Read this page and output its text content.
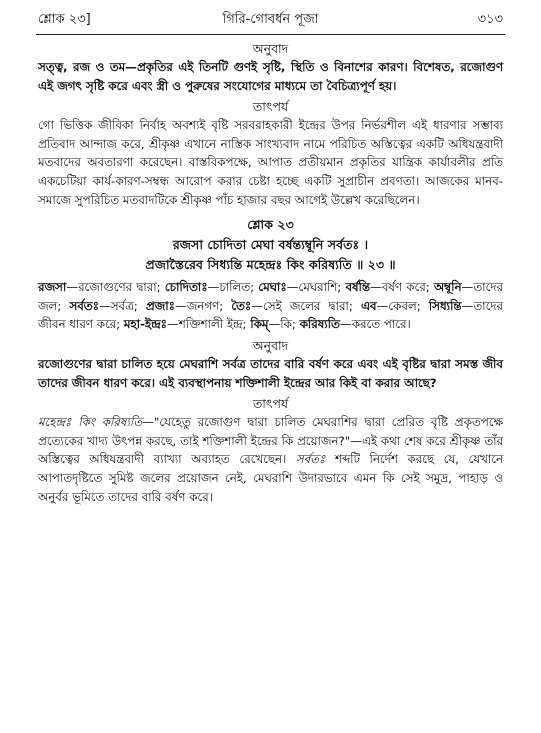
শ্লোক ২৩]	গিরি-গোবর্ধন পূজা	৩১৩

অনুবাদ

সত্ত্ব, রজ ও তম—প্রকৃতির এই তিনটি গুণই সৃষ্টি, স্থিতি ও বিনাশের কারণ। বিশেষত, রজোগুণ এই জগৎ সৃষ্টি করে এবং স্ত্রী ও পুরুষের সংযোগের মাধ্যমে তা বৈচিত্র্যপূর্ণ হয়।

তাৎপর্য

গো ভিত্তিক জীবিকা নির্বাহ অবশ্যই বৃষ্টি সরবরাহকারী ইন্দ্রের উপর নির্ভরশীল এই ধারণার সম্ভাব্য প্রতিবাদ আন্দাজ করে, শ্রীকৃষ্ণ এখানে নাস্তিক সাংখ্যবাদ নামে পরিচিত অস্তিত্বের একটি অধিযন্ত্রবাদী মতবাদের অবতারণা করেছেন। বাস্তবিকপক্ষে, আপাত প্রতীয়মান প্রকৃতির যান্ত্রিক কার্যাবলীর প্রতি একচেটিয়া কার্য-কারণ-সম্বন্ধ আরোপ করার চেষ্টা হচ্ছে একটি সুপ্রাচীন প্রবণতা। আজকের মানব-সমাজে সুপরিচিত মতবাদটিকে শ্রীকৃষ্ণ পাঁচ হাজার বছর আগেই উল্লেখ করেছিলেন।

শ্লোক ২৩

রজসা চোদিতা মেঘা বর্ষন্ত্যম্বূনি সর্বতঃ ।

প্রজাস্তৈরেব সিধ্যন্তি মহেন্দ্রঃ কিং করিষ্যতি ॥ ২৩ ॥

রজসা—রজোগুণের দ্বারা; চোদিতাঃ—চালিত; মেঘাঃ—মেঘরাশি; বর্ষন্তি—বর্ষণ করে; অম্বূনি—তাদের জল; সর্বতঃ—সর্বত্র; প্রজাঃ—জনগণ; তৈঃ—সেই জলের দ্বারা; এব—কেবল; সিধ্যন্তি—তাদের জীবন ধারণ করে; মহা-ইন্দ্রঃ—শক্তিশালী ইন্দ্র; কিম্—কি; করিষ্যতি—করতে পারে।

অনুবাদ

রজোগুণের দ্বারা চালিত হয়ে মেঘরাশি সর্বত্র তাদের বারি বর্ষণ করে এবং এই বৃষ্টির দ্বারা সমস্ত জীব তাদের জীবন ধারণ করে। এই ব্যবস্থাপনায় শক্তিশালী ইন্দ্রের আর কিই বা করার আছে?

তাৎপর্য

মহেন্দ্রঃ কিং করিষ্যতি—"যেহেতু রজোগুণ দ্বারা চালিত মেঘরাশির দ্বারা প্রেরিত বৃষ্টি প্রকৃতপক্ষে প্রত্যেকের খাদ্য উৎপন্ন করছে, তাই শক্তিশালী ইন্দ্রের কি প্রয়োজন?"—এই কথা শেষ করে শ্রীকৃষ্ণ তাঁর অস্তিত্বের অধিযন্ত্রবাদী ব্যাখ্যা অব্যাহত রেখেছেন। সর্বতঃ শব্দটি নির্দেশ করছে যে, যেখানে আপাতদৃষ্টিতে সুমিষ্ট জলের প্রয়োজন নেই, মেঘরাশি উদারভাবে এমন কি সেই সমুদ্র, পাহাড় ও অনুর্বর ভূমিতে তাদের বারি বর্ষণ করে।
